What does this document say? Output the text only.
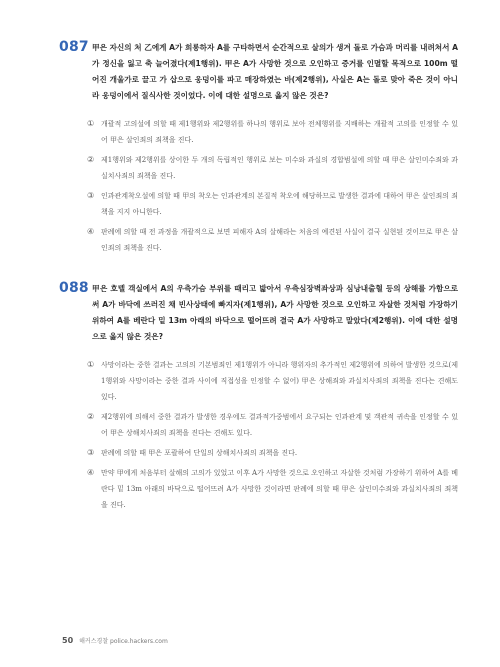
087 甲은 자신의 처 乙에게 A가 희롱하자 A를 구타하면서 순간적으로 살의가 생겨 돌로 가슴과 머리를 내려쳐서 A가 정신을 잃고 축 늘어졌다(제1행위). 甲은 A가 사망한 것으로 오인하고 증거를 인멸할 목적으로 100m 떨어진 개울가로 끌고 가 삽으로 웅덩이를 파고 매장하였는 바(제2행위), 사실은 A는 돌로 맞아 죽은 것이 아니라 웅덩이에서 질식사한 것이었다. 이에 대한 설명으로 옳지 않은 것은?
① 개괄적 고의설에 의할 때 제1행위와 제2행위를 하나의 행위로 보아 전체행위를 지배하는 개괄적 고의를 인정할 수 있어 甲은 살인죄의 죄책을 진다.
② 제1행위와 제2행위를 상이한 두 개의 독립적인 행위로 보는 미수와 과실의 경합범설에 의할 때 甲은 살인미수죄와 과실치사죄의 죄책을 진다.
③ 인과관계착오설에 의할 때 甲의 착오는 인과관계의 본질적 착오에 해당하므로 발생한 결과에 대하여 甲은 살인죄의 죄책을 지지 아니한다.
④ 판례에 의할 때 전 과정을 개괄적으로 보면 피해자 A의 살해라는 처음의 예견된 사실이 결국 실현된 것이므로 甲은 살인죄의 죄책을 진다.
088 甲은 호텔 객실에서 A의 우측가슴 부위를 때리고 밟아서 우측심장벽좌상과 심낭내출혈 등의 상해를 가함으로써 A가 바닥에 쓰러진 채 빈사상태에 빠지자(제1행위), A가 사망한 것으로 오인하고 자살한 것처럼 가장하기 위하여 A를 베란다 밑 13m 아래의 바닥으로 떨어뜨려 결국 A가 사망하고 말았다(제2행위). 이에 대한 설명으로 옳지 않은 것은?
① 사망이라는 중한 결과는 고의의 기본범죄인 제1행위가 아니라 행위자의 추가적인 제2행위에 의하여 발생한 것으로(제1행위와 사망이라는 중한 결과 사이에 직접성을 인정할 수 없어) 甲은 상해죄와 과실치사죄의 죄책을 진다는 견해도 있다.
② 제2행위에 의해서 중한 결과가 발생한 경우에도 결과적가중범에서 요구되는 인과관계 및 객관적 귀속을 인정할 수 있어 甲은 상해치사죄의 죄책을 진다는 견해도 있다.
③ 판례에 의할 때 甲은 포괄하여 단일의 상해치사죄의 죄책을 진다.
④ 만약 甲에게 처음부터 살해의 고의가 있었고 이후 A가 사망한 것으로 오인하고 자살한 것처럼 가장하기 위하여 A를 베란다 밑 13m 아래의 바닥으로 떨어뜨려 A가 사망한 것이라면 판례에 의할 때 甲은 살인미수죄와 과실치사죄의 죄책을 진다.
50 해커스경찰 police.hackers.com
